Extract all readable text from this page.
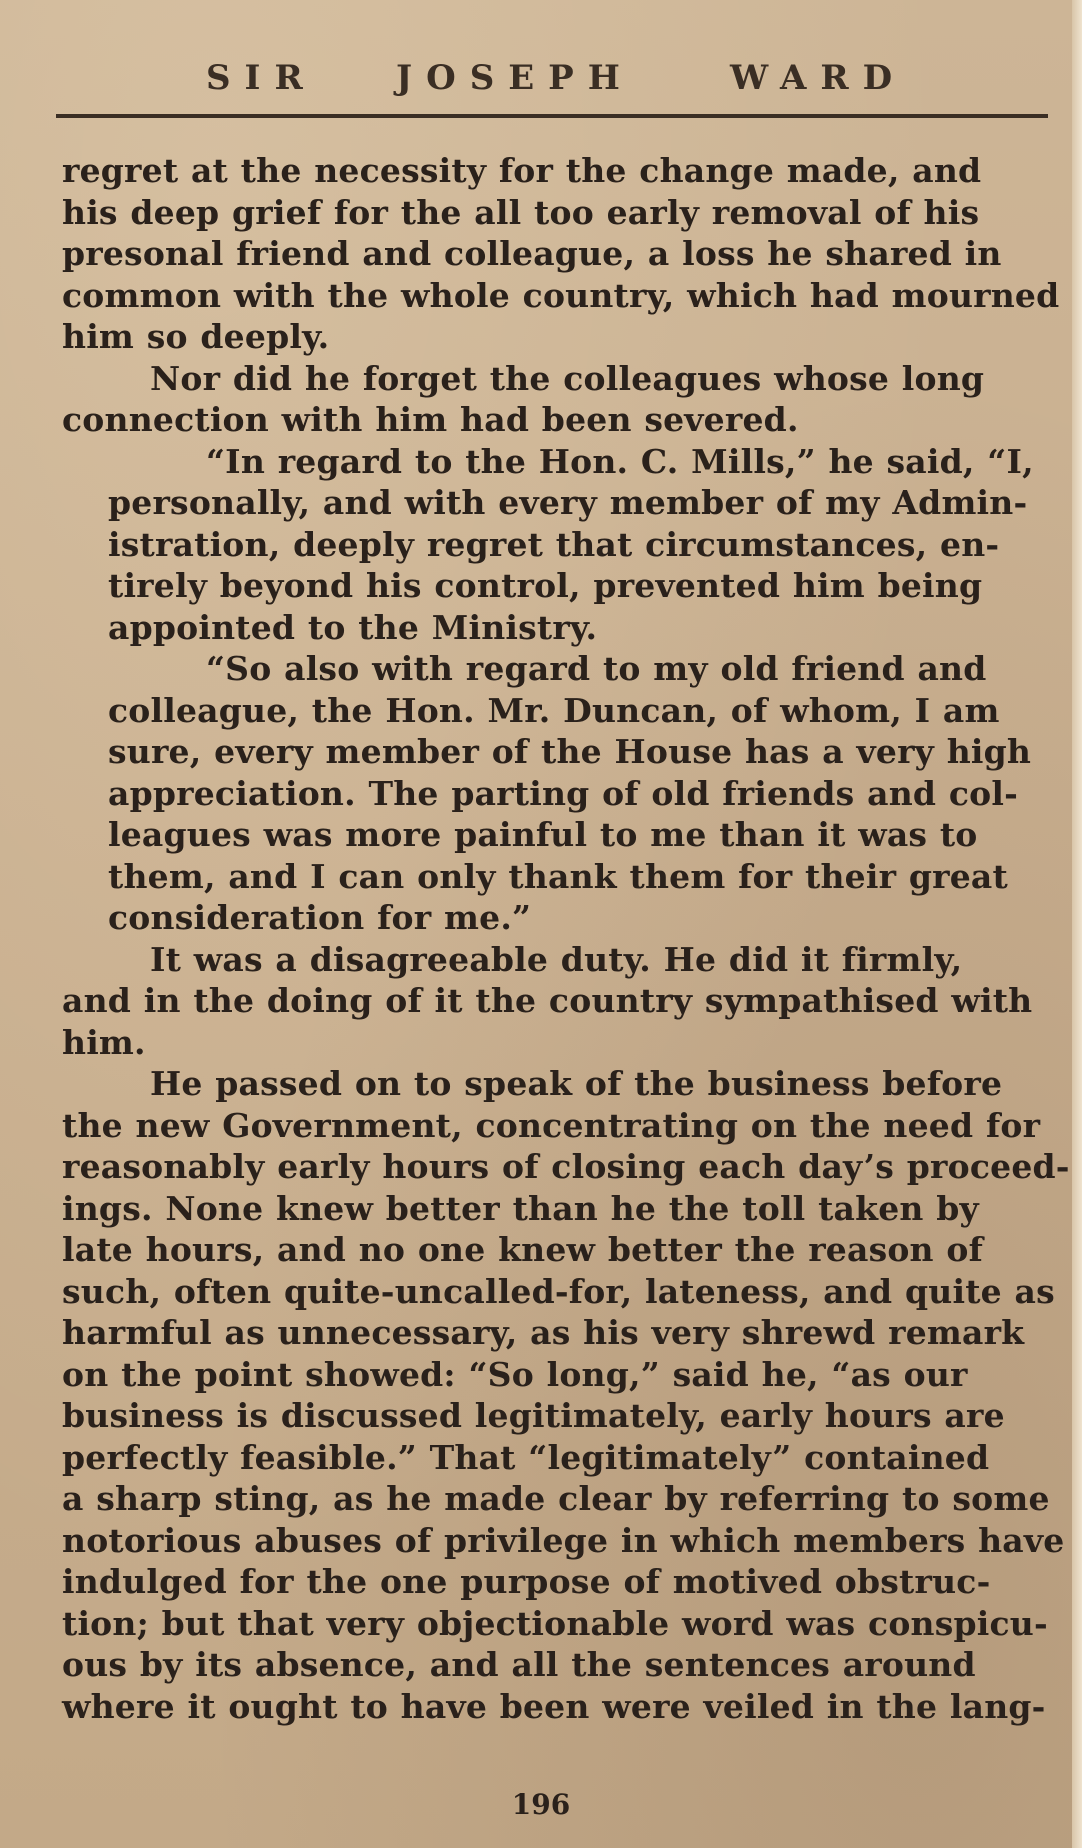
SIR JOSEPH	WARD
regret at the necessity for the change made, and
his deep grief for the all too early removal of his
presonal friend and colleague, a loss he shared in
common with the whole country, which had mourned
him so deeply.
Nor did he forget the colleagues whose long
connection with him had been severed.
“In regard to the Hon. C. Mills,” he said, “I,
personally, and with every member of my Admin-
istration, deeply regret that circumstances, en-
tirely beyond his control, prevented him being
appointed to the Ministry.
“So also with regard to my old friend and
colleague, the Hon. Mr. Duncan, of whom, I am
sure, every member of the House has a very high
appreciation. The parting of old friends and col-
leagues was more painful to me than it was to
them, and I can only thank them for their great
consideration for me.”
It was a disagreeable duty. He did it firmly,
and in the doing of it the country sympathised with
him.
He passed on to speak of the business before
the new Government, concentrating on the need for
reasonably early hours of closing each day’s proceed-
ings. None knew better than he the toll taken by
late hours, and no one knew better the reason of
such, often quite-uncalled-for, lateness, and quite as
harmful as unnecessary, as his very shrewd remark
on the point showed: “So long,” said he, “as our
business is discussed legitimately, early hours are
perfectly feasible.” That “legitimately” contained
a sharp sting, as he made clear by referring to some
notorious abuses of privilege in which members have
indulged for the one purpose of motived obstruc-
tion; but that very objectionable word was conspicu-
ous by its absence, and all the sentences around
where it ought to have been were veiled in the lang-
196
